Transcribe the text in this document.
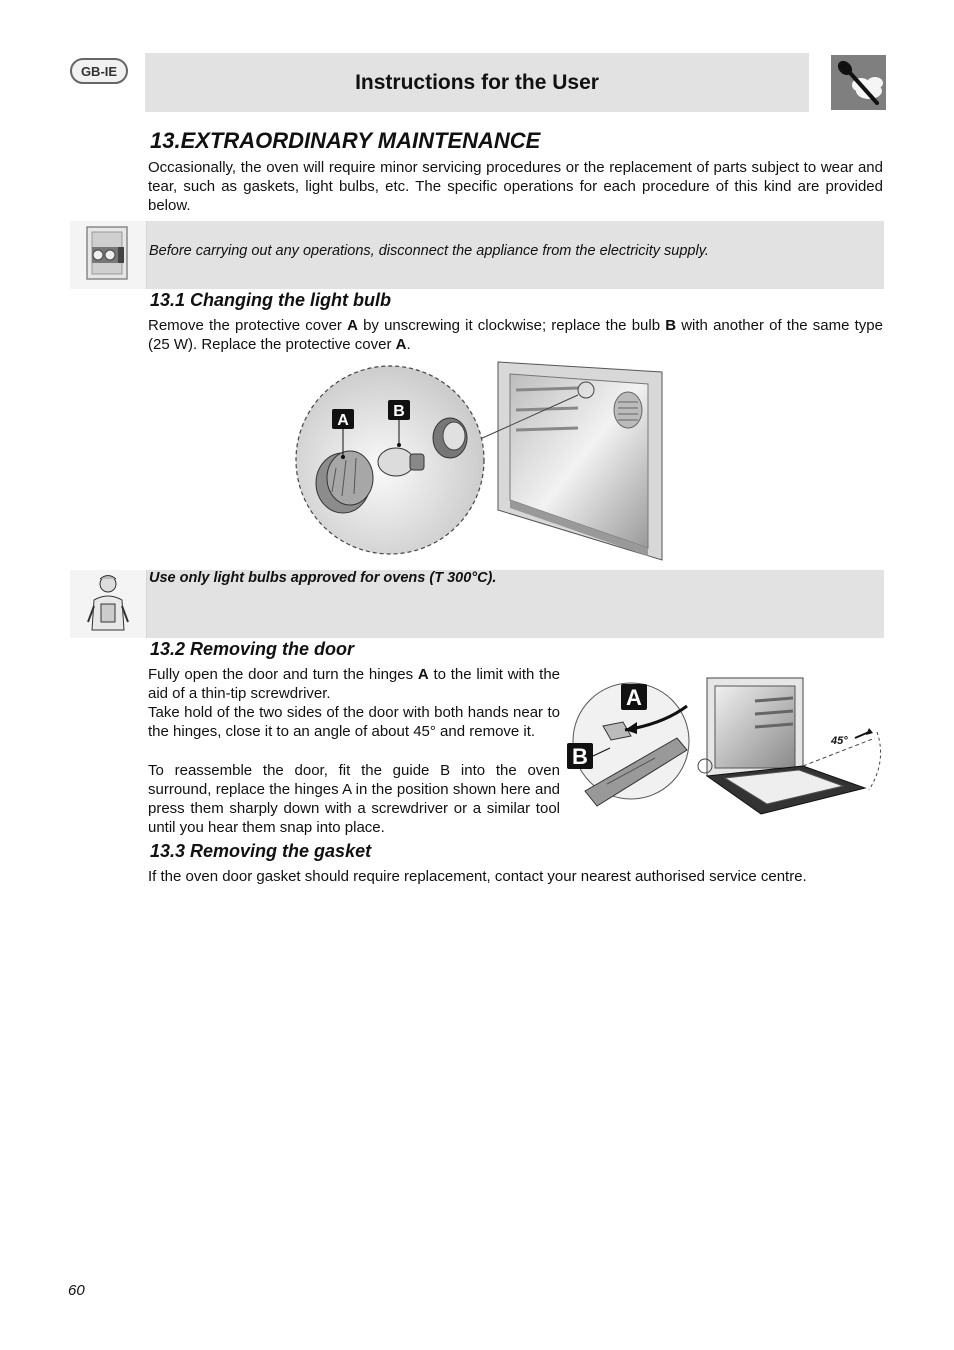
GB-IE	Instructions for the User
13.EXTRAORDINARY MAINTENANCE

Occasionally, the oven will require minor servicing procedures or the replacement of parts subject to wear and tear, such as gaskets, light bulbs, etc. The specific operations for each procedure of this kind are provided below.

Before carrying out any operations, disconnect the appliance from the electricity supply.
13.1 Changing the light bulb

Remove the protective cover A by unscrewing it clockwise; replace the bulb B with another of the same type (25 W). Replace the protective cover A.

A
B
Use only light bulbs approved for ovens (T 300°C).
13.2 Removing the door

Fully open the door and turn the hinges A to the limit with the aid of a thin-tip screwdriver.

Take hold of the two sides of the door with both hands near to the hinges, close it to an angle of about 45° and remove it.

To reassemble the door, fit the guide B into the oven surround, replace the hinges A in the position shown here and press them sharply down with a screwdriver or a similar tool until you hear them snap into place.

45°
A
B
13.3 Removing the gasket

If the oven door gasket should require replacement, contact your nearest authorised service centre.

60
